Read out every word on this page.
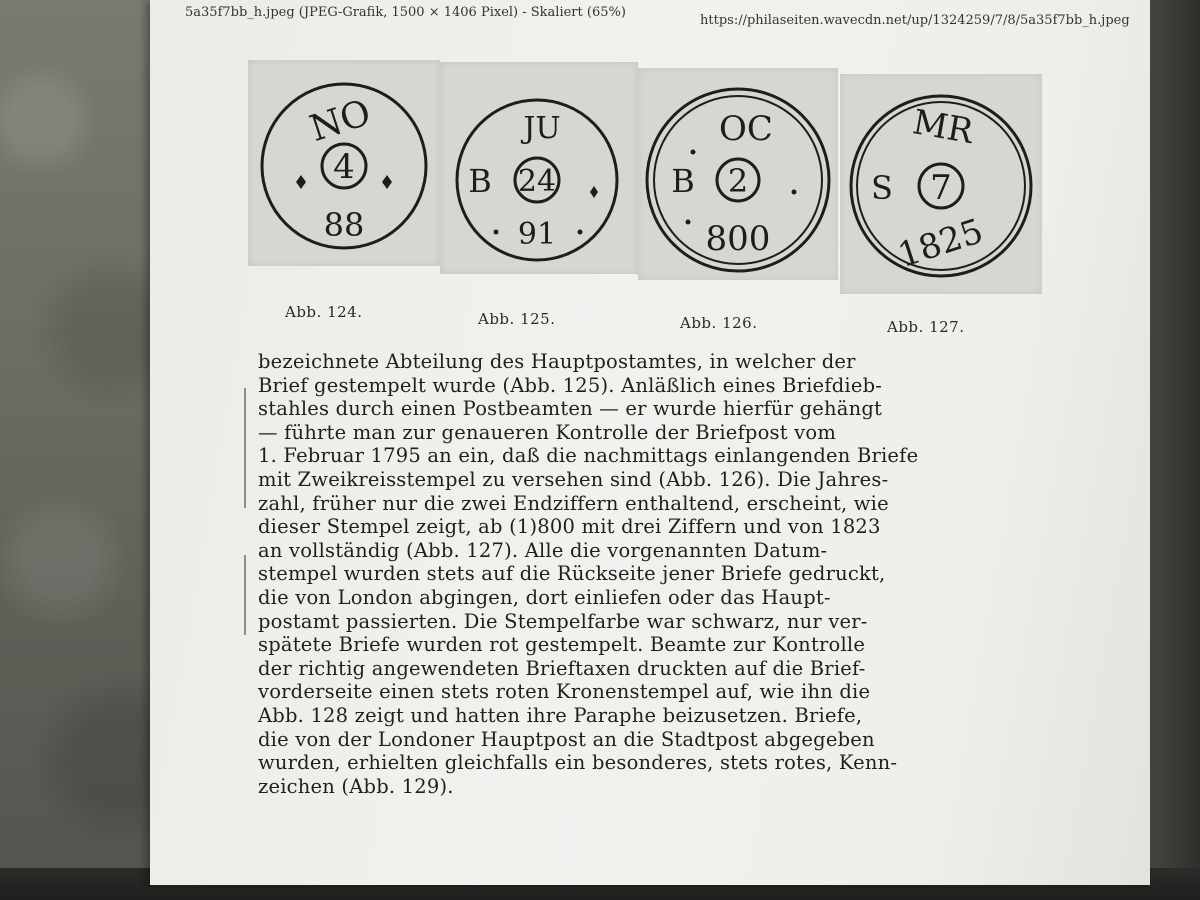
5a35f7bb_h.jpeg (JPEG-Grafik, 1500 × 1406 Pixel) - Skaliert (65%)
https://philaseiten.wavecdn.net/up/1324259/7/8/5a35f7bb_h.jpeg
4
NO
88
24
B
JU
91
2
B
OC
800
7
S
MR
1825
Abb. 124.	Abb. 125.	Abb. 126.	Abb. 127.
bezeichnete Abteilung des Hauptpostamtes, in welcher der
Brief gestempelt wurde (Abb. 125). Anläßlich eines Briefdieb-
stahles durch einen Postbeamten — er wurde hierfür gehängt
— führte man zur genaueren Kontrolle der Briefpost vom
1. Februar 1795 an ein, daß die nachmittags einlangenden Briefe
mit Zweikreisstempel zu versehen sind (Abb. 126). Die Jahres-
zahl, früher nur die zwei Endziffern enthaltend, erscheint, wie
dieser Stempel zeigt, ab (1)800 mit drei Ziffern und von 1823
an vollständig (Abb. 127). Alle die vorgenannten Datum-
stempel wurden stets auf die Rückseite jener Briefe gedruckt,
die von London abgingen, dort einliefen oder das Haupt-
postamt passierten. Die Stempelfarbe war schwarz, nur ver-
spätete Briefe wurden rot gestempelt. Beamte zur Kontrolle
der richtig angewendeten Brieftaxen druckten auf die Brief-
vorderseite einen stets roten Kronenstempel auf, wie ihn die
Abb. 128 zeigt und hatten ihre Paraphe beizusetzen. Briefe,
die von der Londoner Hauptpost an die Stadtpost abgegeben
wurden, erhielten gleichfalls ein besonderes, stets rotes, Kenn-
zeichen (Abb. 129).
